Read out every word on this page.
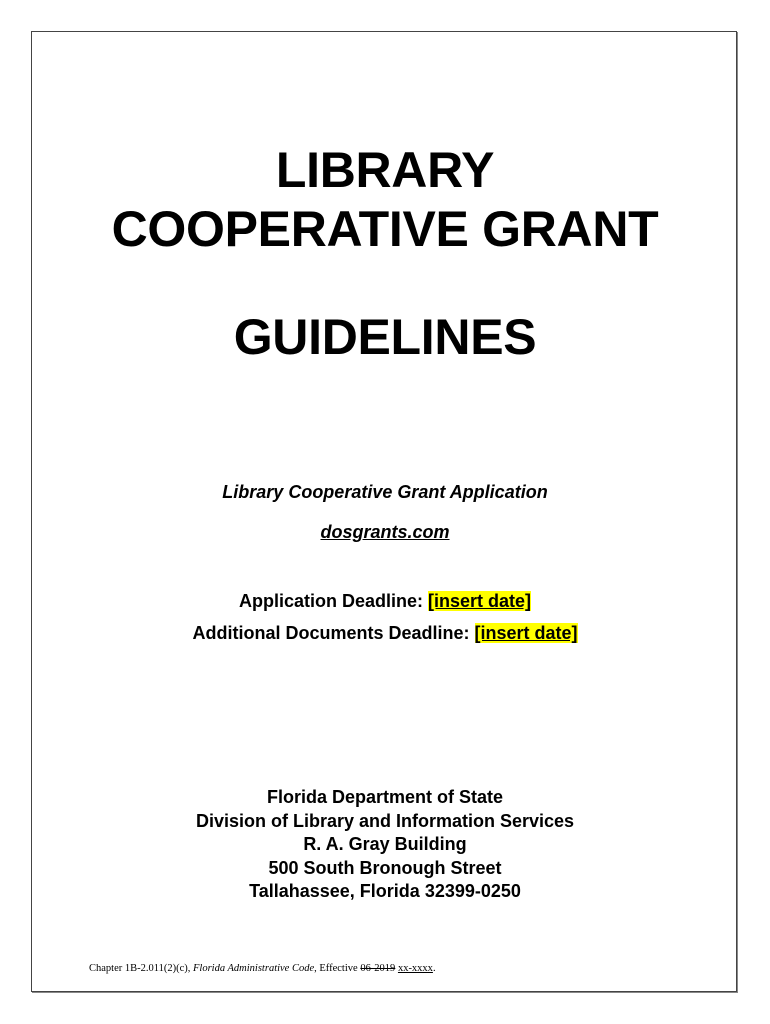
LIBRARY
COOPERATIVE GRANT
GUIDELINES
Library Cooperative Grant Application
dosgrants.com
Application Deadline: [insert date]
Additional Documents Deadline: [insert date]
Florida Department of State
Division of Library and Information Services
R. A. Gray Building
500 South Bronough Street
Tallahassee, Florida 32399-0250
Chapter 1B-2.011(2)(c), Florida Administrative Code, Effective 06-2019 xx-xxxx.
